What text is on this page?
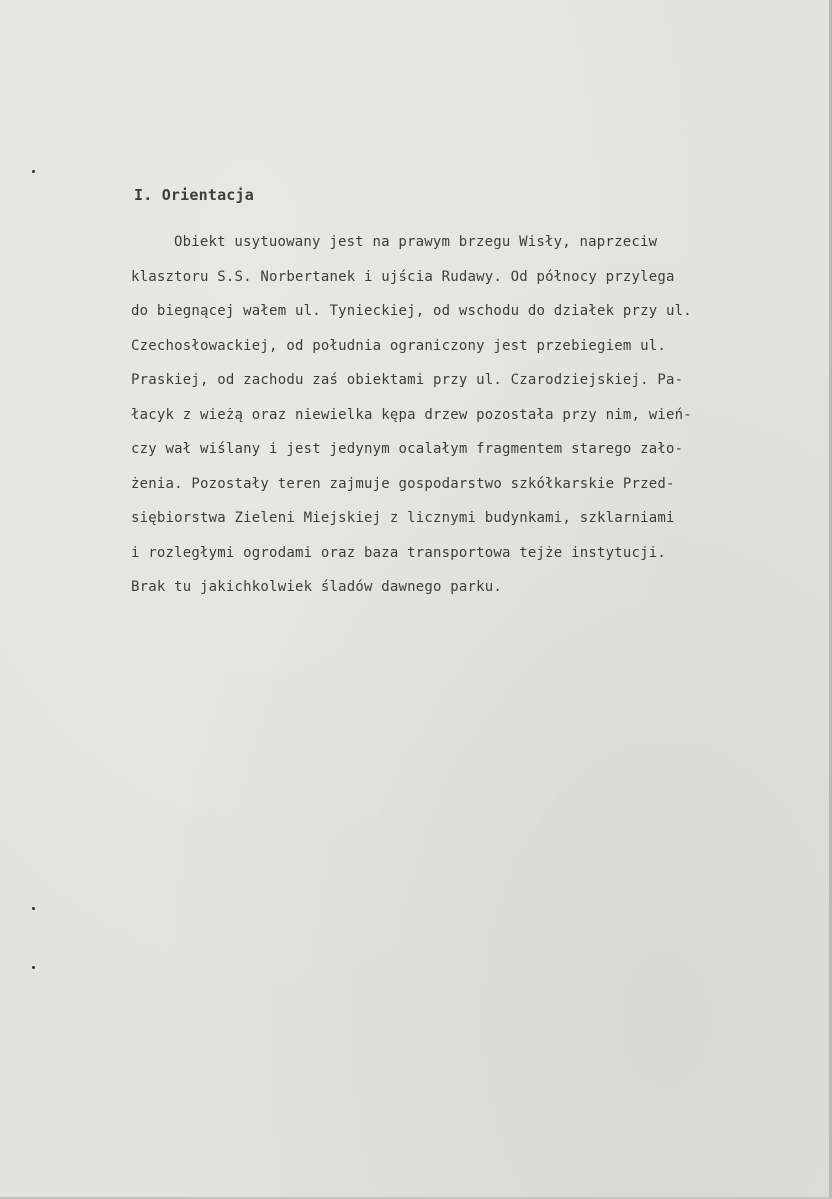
I. Orientacja
Obiekt usytuowany jest na prawym brzegu Wisły, naprzeciw
klasztoru S.S. Norbertanek i ujścia Rudawy. Od północy przylega
do biegnącej wałem ul. Tynieckiej, od wschodu do działek przy ul.
Czechosłowackiej, od południa ograniczony jest przebiegiem ul.
Praskiej, od zachodu zaś obiektami przy ul. Czarodziejskiej. Pa-
łacyk z wieżą oraz niewielka kępa drzew pozostała przy nim, wień-
czy wał wiślany i jest jedynym ocalałym fragmentem starego zało-
żenia. Pozostały teren zajmuje gospodarstwo szkółkarskie Przed-
siębiorstwa Zieleni Miejskiej z licznymi budynkami, szklarniami
i rozległymi ogrodami oraz baza transportowa tejże instytucji.
Brak tu jakichkolwiek śladów dawnego parku.
